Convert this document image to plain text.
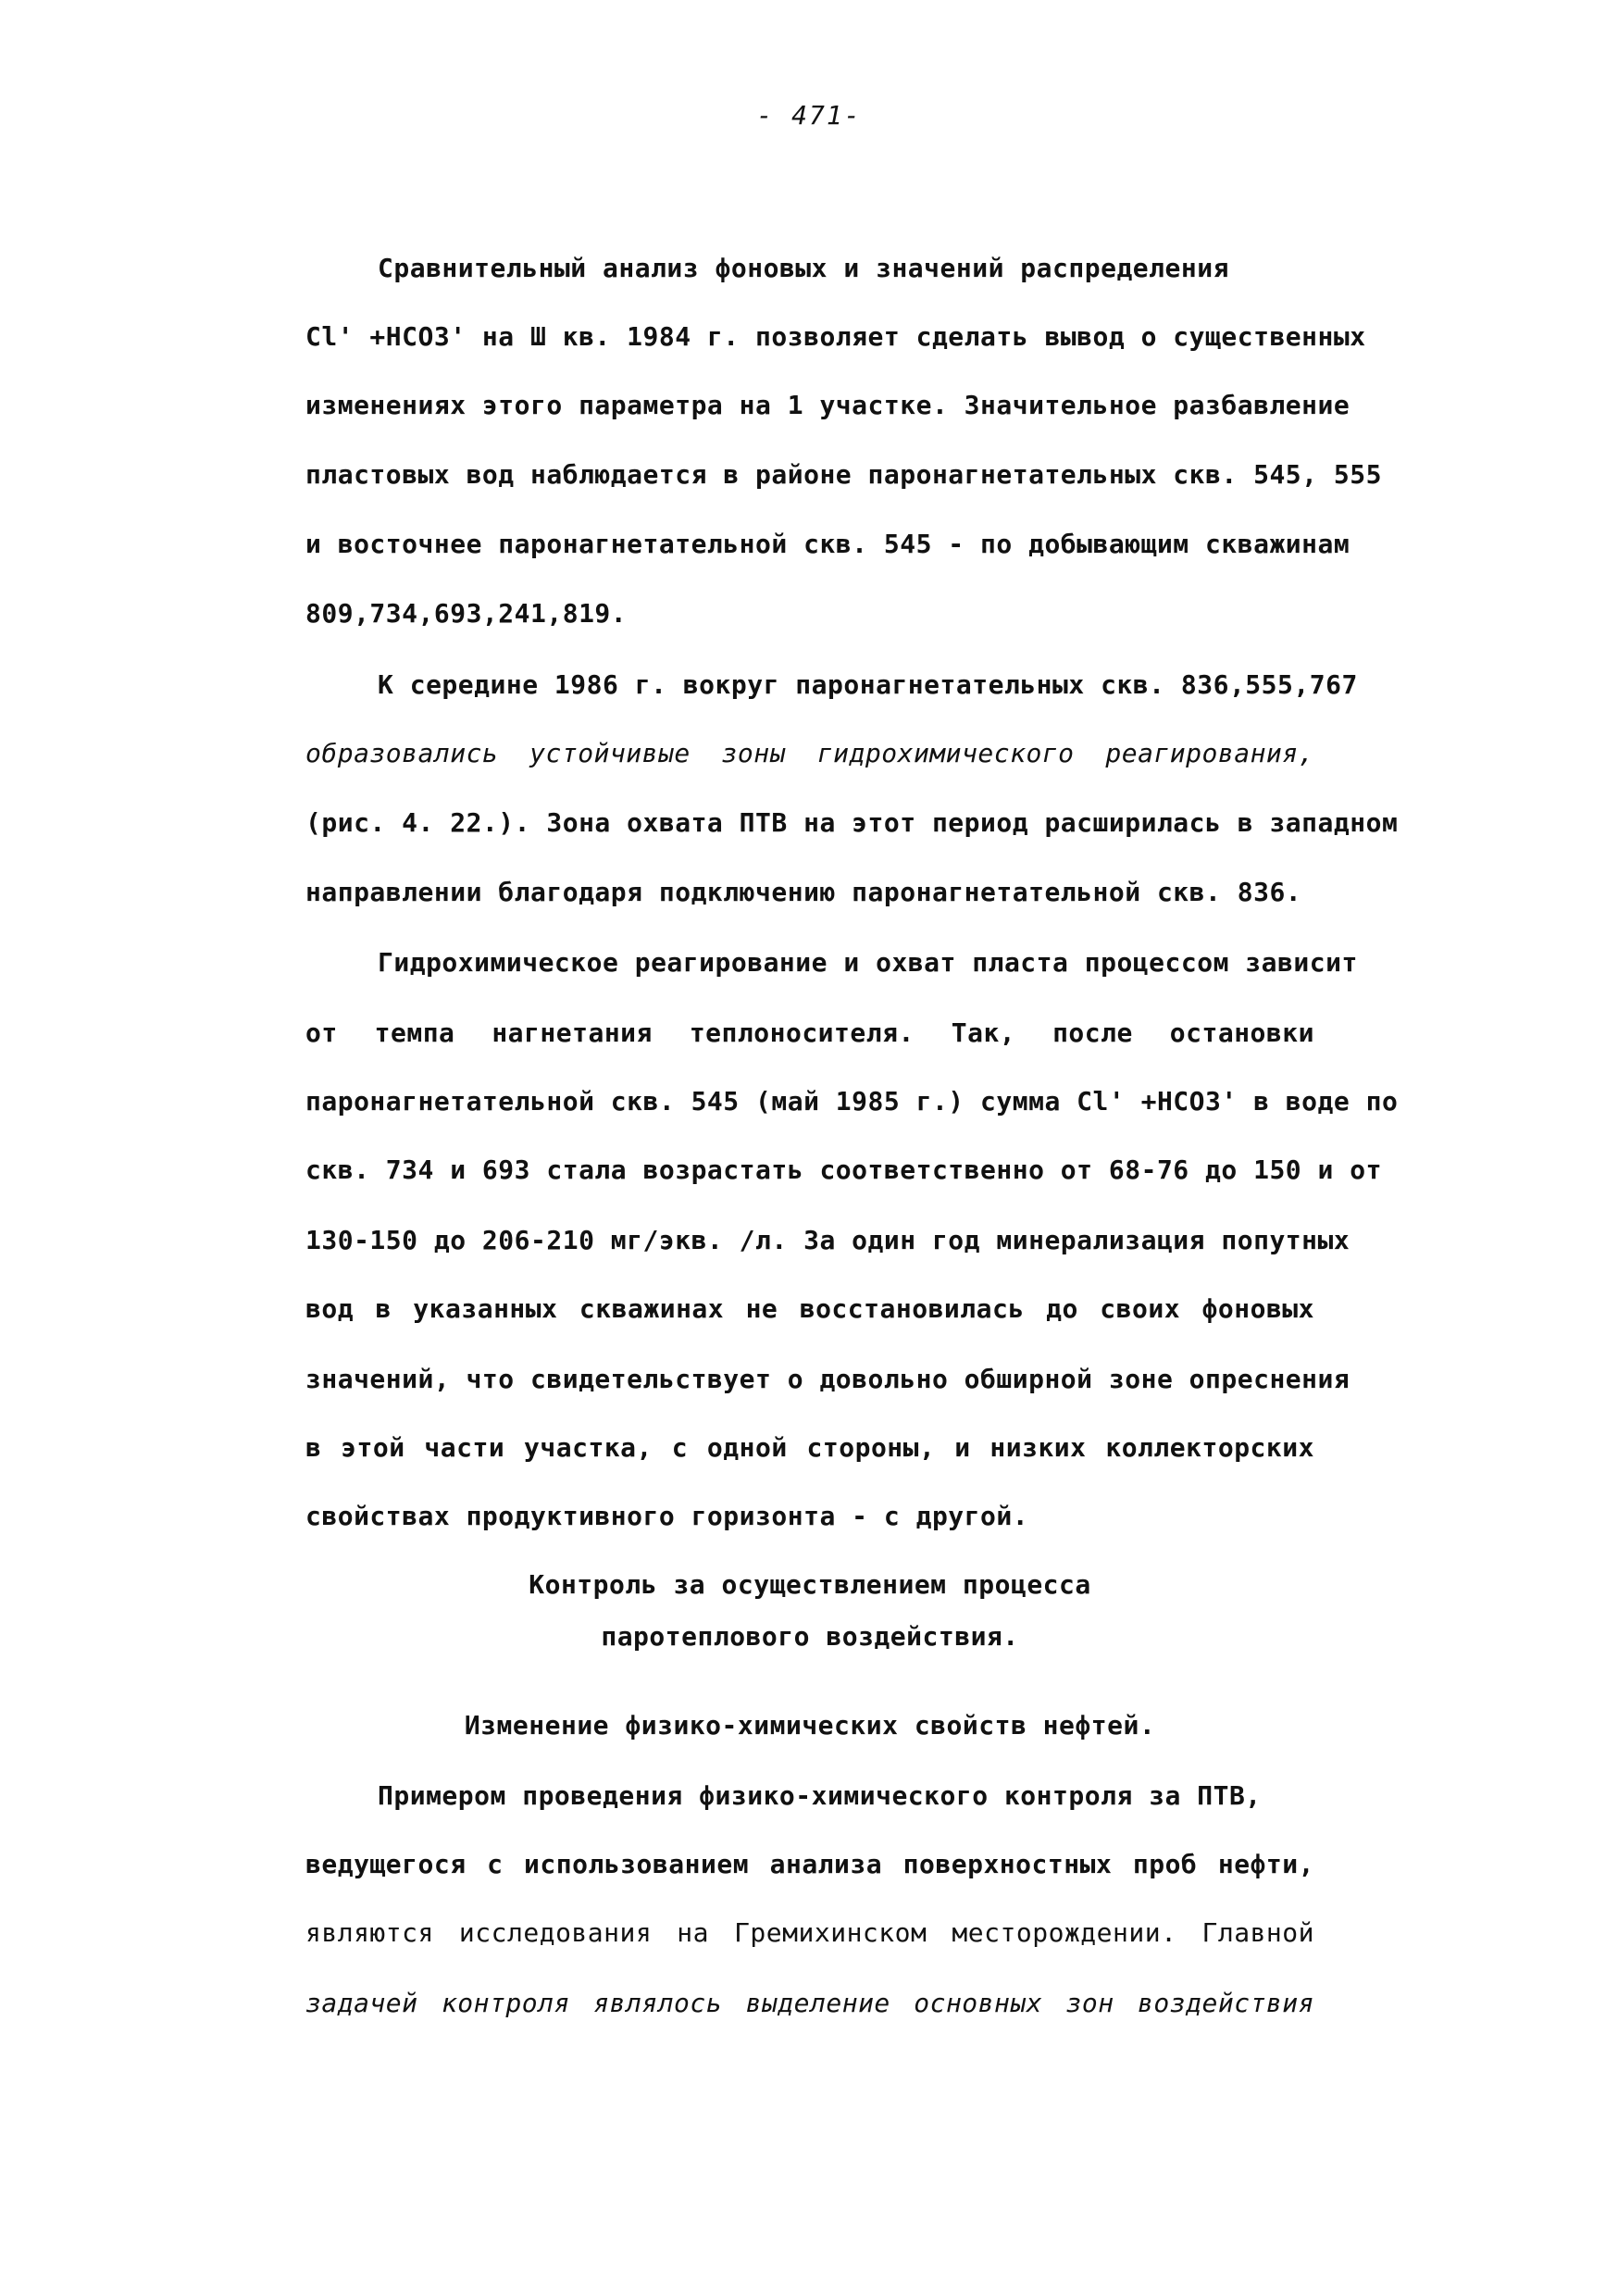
- 471-
Сравнительный анализ фоновых и значений распределения
Cl' +HCO3' на Ш кв. 1984 г. позволяет сделать вывод о существенных
изменениях этого параметра на 1 участке. Значительное разбавление
пластовых вод наблюдается в районе паронагнетательных скв. 545, 555
и восточнее паронагнетательной скв. 545 - по добывающим скважинам
809,734,693,241,819.
К середине 1986 г. вокруг паронагнетательных скв. 836,555,767
образовались устойчивые зоны гидрохимического реагирования,
(рис. 4. 22.). Зона охвата ПТВ на этот период расширилась в западном
направлении благодаря подключению паронагнетательной скв. 836.
Гидрохимическое реагирование и охват пласта процессом зависит
от темпа нагнетания теплоносителя. Так, после остановки
паронагнетательной скв. 545 (май 1985 г.) сумма Cl' +HCO3' в воде по
скв. 734 и 693 стала возрастать соответственно от 68-76 до 150 и от
130-150 до 206-210 мг/экв. /л. За один год минерализация попутных
вод в указанных скважинах не восстановилась до своих фоновых
значений, что свидетельствует о довольно обширной зоне опреснения
в этой части участка, с одной стороны, и низких коллекторских
свойствах продуктивного горизонта - с другой.
Контроль за осуществлением процесса
паротеплового воздействия.
Изменение физико-химических свойств нефтей.
Примером проведения физико-химического контроля за ПТВ,
ведущегося с использованием анализа поверхностных проб нефти,
являются исследования на Гремихинском месторождении. Главной
задачей контроля являлось выделение основных зон воздействия
